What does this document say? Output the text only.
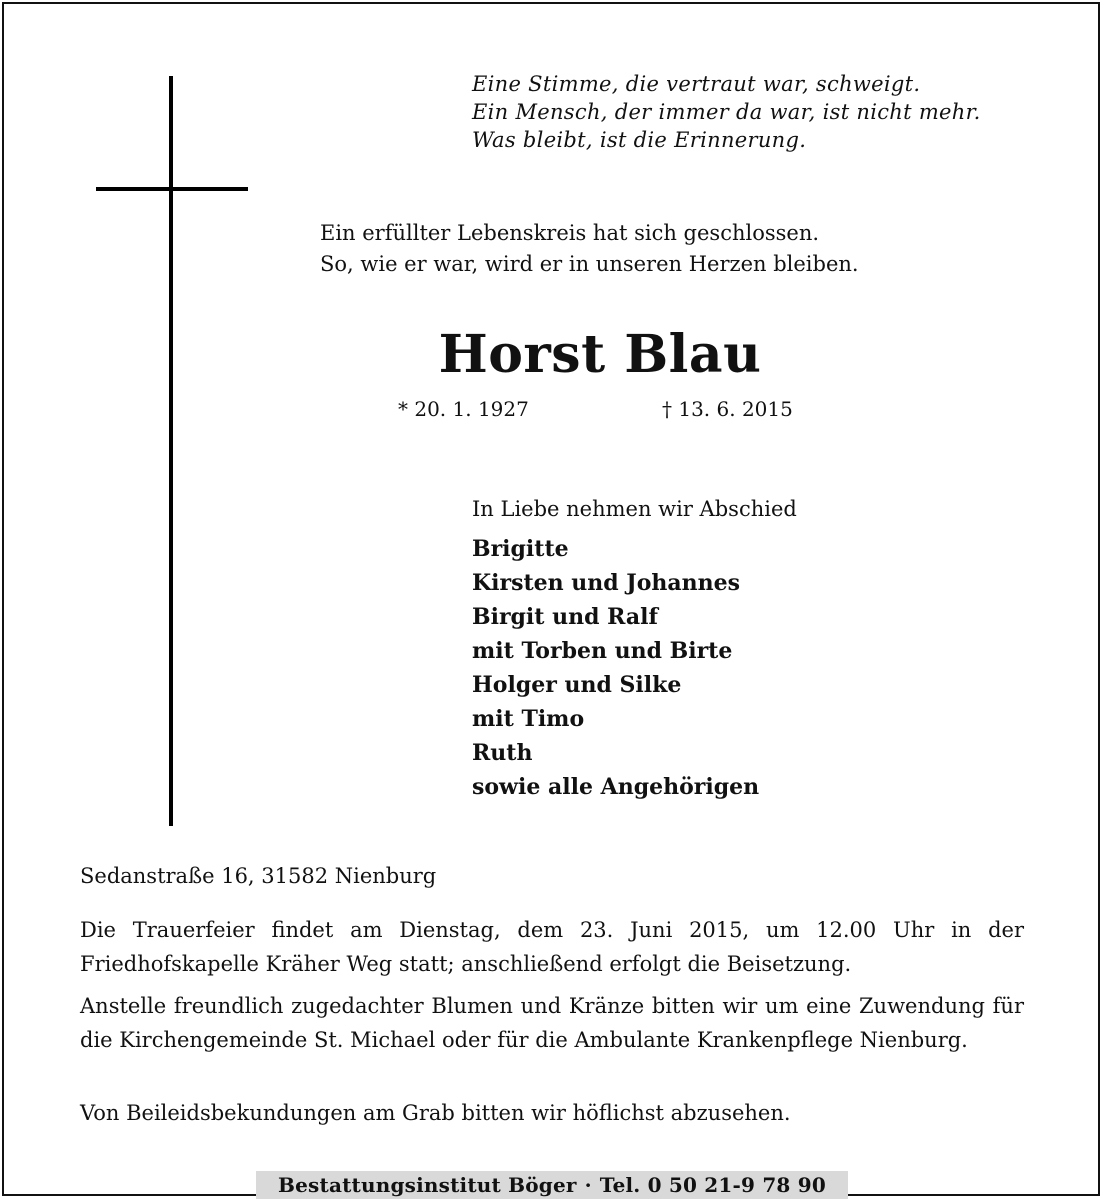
Eine Stimme, die vertraut war, schweigt.
Ein Mensch, der immer da war, ist nicht mehr.
Was bleibt, ist die Erinnerung.
Ein erfüllter Lebenskreis hat sich geschlossen.
So, wie er war, wird er in unseren Herzen bleiben.
Horst Blau
* 20. 1. 1927	† 13. 6. 2015
In Liebe nehmen wir Abschied
Brigitte
Kirsten und Johannes
Birgit und Ralf
mit Torben und Birte
Holger und Silke
mit Timo
Ruth
sowie alle Angehörigen
Sedanstraße 16, 31582 Nienburg
Die Trauerfeier findet am Dienstag, dem 23. Juni 2015, um 12.00 Uhr in der Friedhofskapelle Kräher Weg statt; anschließend erfolgt die Beisetzung.
Anstelle freundlich zugedachter Blumen und Kränze bitten wir um eine Zuwendung für die Kirchengemeinde St. Michael oder für die Ambulante Krankenpflege Nienburg.
Von Beileidsbekundungen am Grab bitten wir höflichst abzusehen.
Bestattungsinstitut Böger · Tel. 0 50 21-9 78 90
